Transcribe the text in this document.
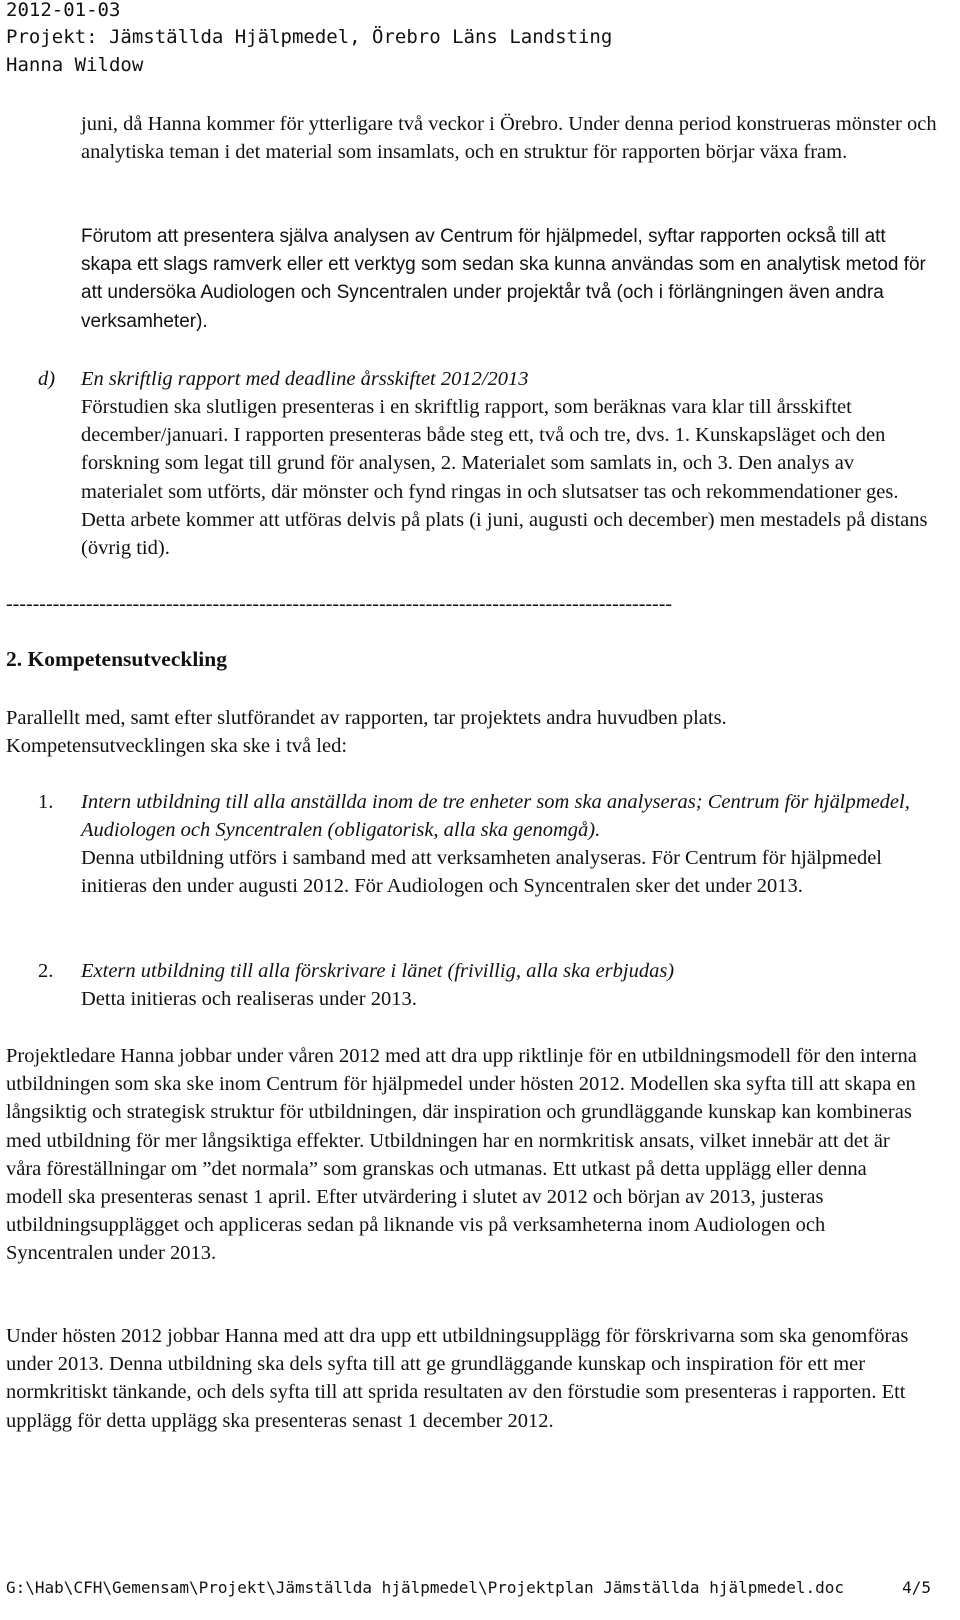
2012-01-03
Projekt: Jämställda Hjälpmedel, Örebro Läns Landsting
Hanna Wildow
juni, då Hanna kommer för ytterligare två veckor i Örebro. Under denna period konstrueras mönster och analytiska teman i det material som insamlats, och en struktur för rapporten börjar växa fram.
Förutom att presentera själva analysen av Centrum för hjälpmedel, syftar rapporten också till att skapa ett slags ramverk eller ett verktyg som sedan ska kunna användas som en analytisk metod för att undersöka Audiologen och Syncentralen under projektår två (och i förlängningen även andra verksamheter).
d) En skriftlig rapport med deadline årsskiftet 2012/2013
Förstudien ska slutligen presenteras i en skriftlig rapport, som beräknas vara klar till årsskiftet december/januari. I rapporten presenteras både steg ett, två och tre, dvs. 1. Kunskapsläget och den forskning som legat till grund för analysen, 2. Materialet som samlats in, och 3. Den analys av materialet som utförts, där mönster och fynd ringas in och slutsatser tas och rekommendationer ges. Detta arbete kommer att utföras delvis på plats (i juni, augusti och december) men mestadels på distans (övrig tid).
----------------------------------------------------------------------------------------------------
2. Kompetensutveckling
Parallellt med, samt efter slutförandet av rapporten, tar projektets andra huvudben plats. Kompetensutvecklingen ska ske i två led:
1. Intern utbildning till alla anställda inom de tre enheter som ska analyseras; Centrum för hjälpmedel, Audiologen och Syncentralen (obligatorisk, alla ska genomgå).
Denna utbildning utförs i samband med att verksamheten analyseras. För Centrum för hjälpmedel initieras den under augusti 2012. För Audiologen och Syncentralen sker det under 2013.
2. Extern utbildning till alla förskrivare i länet (frivillig, alla ska erbjudas)
Detta initieras och realiseras under 2013.
Projektledare Hanna jobbar under våren 2012 med att dra upp riktlinje för en utbildningsmodell för den interna utbildningen som ska ske inom Centrum för hjälpmedel under hösten 2012. Modellen ska syfta till att skapa en långsiktig och strategisk struktur för utbildningen, där inspiration och grundläggande kunskap kan kombineras med utbildning för mer långsiktiga effekter. Utbildningen har en normkritisk ansats, vilket innebär att det är våra föreställningar om ”det normala” som granskas och utmanas. Ett utkast på detta upplägg eller denna modell ska presenteras senast 1 april. Efter utvärdering i slutet av 2012 och början av 2013, justeras utbildningsupplägget och appliceras sedan på liknande vis på verksamheterna inom Audiologen och Syncentralen under 2013.
Under hösten 2012 jobbar Hanna med att dra upp ett utbildningsupplägg för förskrivarna som ska genomföras under 2013. Denna utbildning ska dels syfta till att ge grundläggande kunskap och inspiration för ett mer normkritiskt tänkande, och dels syfta till att sprida resultaten av den förstudie som presenteras i rapporten. Ett upplägg för detta upplägg ska presenteras senast 1 december 2012.
G:\Hab\CFH\Gemensam\Projekt\Jämställda hjälpmedel\Projektplan Jämställda hjälpmedel.doc	4/5
